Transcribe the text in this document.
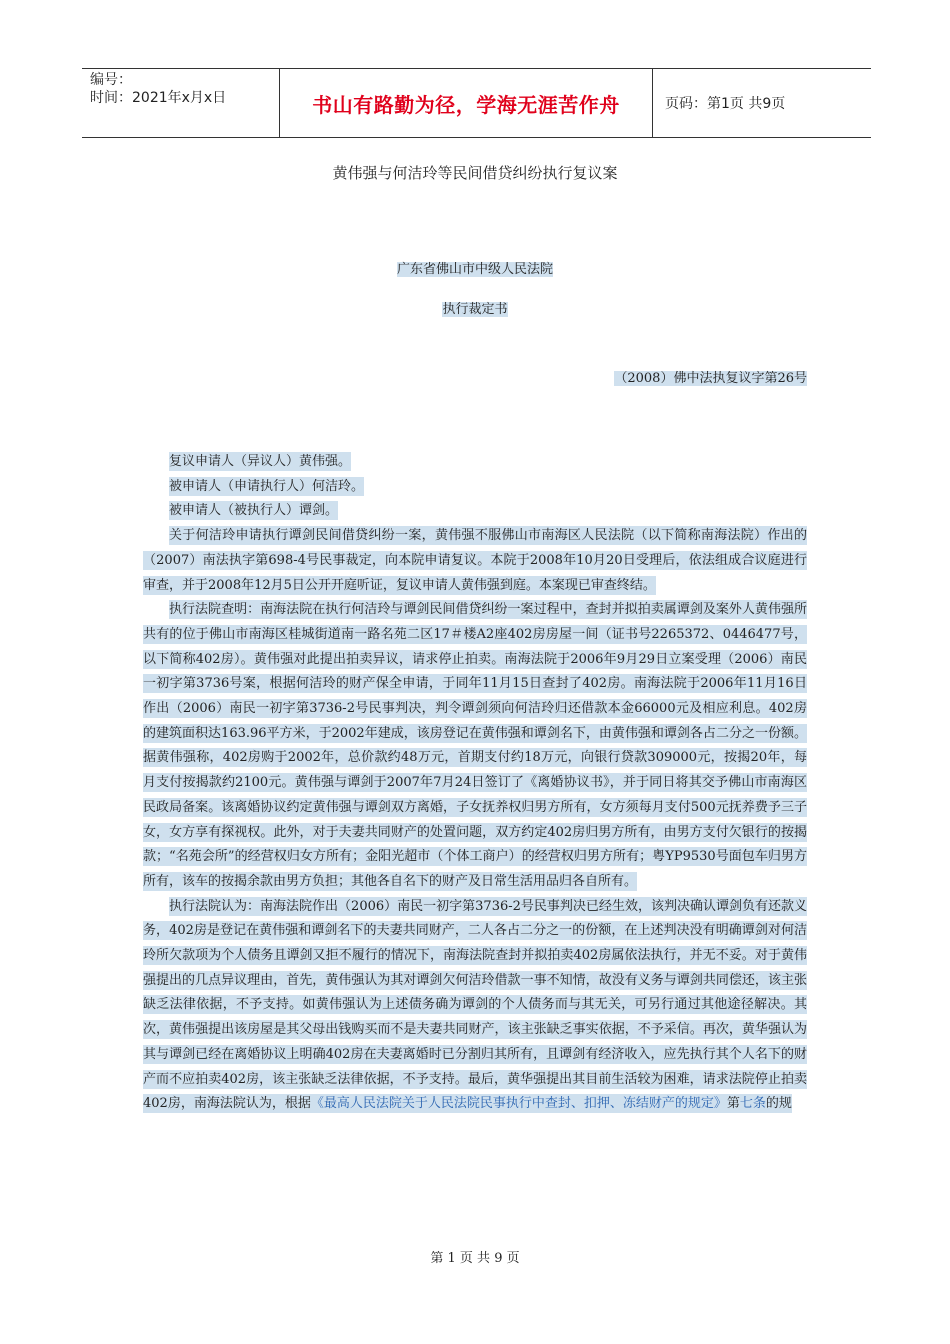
编号：
时间：2021年x月x日	书山有路勤为径，学海无涯苦作舟	页码：第1页 共9页
黄伟强与何洁玲等民间借贷纠纷执行复议案
广东省佛山市中级人民法院
执行裁定书
（2008）佛中法执复议字第26号

复议申请人（异议人）黄伟强。

被申请人（申请执行人）何洁玲。

被申请人（被执行人）谭剑。

关于何洁玲申请执行谭剑民间借贷纠纷一案，黄伟强不服佛山市南海区人民法院（以下简称南海法院）作出的（2007）南法执字第698-4号民事裁定，向本院申请复议。本院于2008年10月20日受理后，依法组成合议庭进行审查，并于2008年12月5日公开开庭听证，复议申请人黄伟强到庭。本案现已审查终结。

执行法院查明：南海法院在执行何洁玲与谭剑民间借贷纠纷一案过程中，查封并拟拍卖属谭剑及案外人黄伟强所共有的位于佛山市南海区桂城街道南一路名苑二区17＃楼A2座402房房屋一间（证书号2265372、0446477号，以下简称402房）。黄伟强对此提出拍卖异议，请求停止拍卖。南海法院于2006年9月29日立案受理（2006）南民一初字第3736号案，根据何洁玲的财产保全申请，于同年11月15日查封了402房。南海法院于2006年11月16日作出（2006）南民一初字第3736-2号民事判决，判令谭剑须向何洁玲归还借款本金66000元及相应利息。402房的建筑面积达163.96平方米，于2002年建成，该房登记在黄伟强和谭剑名下，由黄伟强和谭剑各占二分之一份额。据黄伟强称，402房购于2002年，总价款约48万元，首期支付约18万元，向银行贷款309000元，按揭20年，每月支付按揭款约2100元。黄伟强与谭剑于2007年7月24日签订了《离婚协议书》，并于同日将其交予佛山市南海区民政局备案。该离婚协议约定黄伟强与谭剑双方离婚，子女抚养权归男方所有，女方须每月支付500元抚养费予三子女，女方享有探视权。此外，对于夫妻共同财产的处置问题，双方约定402房归男方所有，由男方支付欠银行的按揭款；“名苑会所”的经营权归女方所有；金阳光超市（个体工商户）的经营权归男方所有；粤YP9530号面包车归男方所有，该车的按揭余款由男方负担；其他各自名下的财产及日常生活用品归各自所有。

执行法院认为：南海法院作出（2006）南民一初字第3736-2号民事判决已经生效，该判决确认谭剑负有还款义务，402房是登记在黄伟强和谭剑名下的夫妻共同财产，二人各占二分之一的份额，在上述判决没有明确谭剑对何洁玲所欠款项为个人债务且谭剑又拒不履行的情况下，南海法院查封并拟拍卖402房属依法执行，并无不妥。对于黄伟强提出的几点异议理由，首先，黄伟强认为其对谭剑欠何洁玲借款一事不知情，故没有义务与谭剑共同偿还，该主张缺乏法律依据，不予支持。如黄伟强认为上述债务确为谭剑的个人债务而与其无关，可另行通过其他途径解决。其次，黄伟强提出该房屋是其父母出钱购买而不是夫妻共同财产，该主张缺乏事实依据，不予采信。再次，黄华强认为其与谭剑已经在离婚协议上明确402房在夫妻离婚时已分割归其所有，且谭剑有经济收入，应先执行其个人名下的财产而不应拍卖402房，该主张缺乏法律依据，不予支持。最后，黄华强提出其目前生活较为困难，请求法院停止拍卖402房，南海法院认为，根据《最高人民法院关于人民法院民事执行中查封、扣押、冻结财产的规定》第七条的规

第 1 页 共 9 页
